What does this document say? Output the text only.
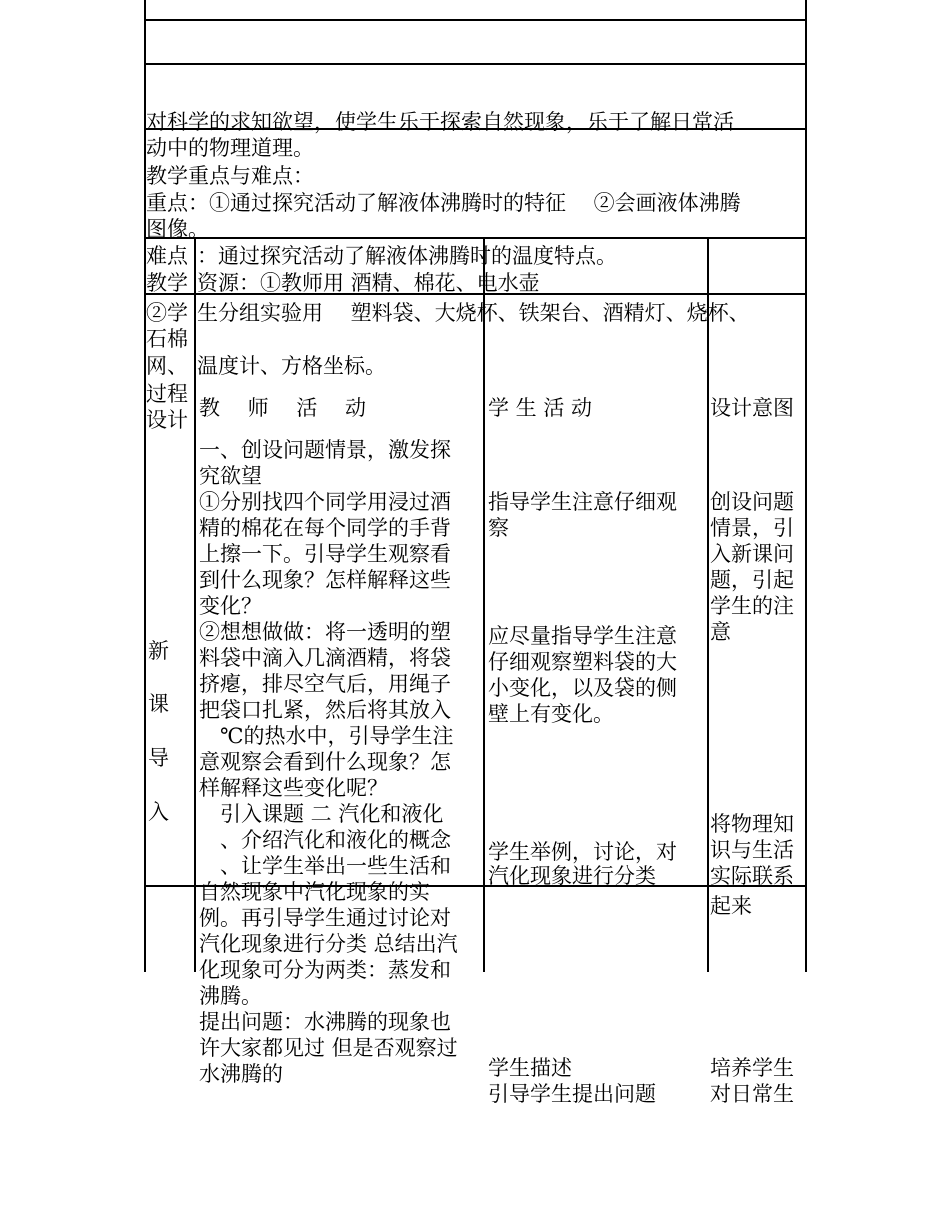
对科学的求知欲望，使学生乐于探索自然现象，乐于了解日常活
动中的物理道理。
教学重点与难点：
重点：①通过探究活动了解液体沸腾时的特征 　②会画液体沸腾
图像。
难点 ：通过探究活动了解液体沸腾时的温度特点。
教学 资源：①教师用 酒精、棉花、电水壶
②学 生分组实验用 　塑料袋、大烧杯、铁架台、酒精灯、烧杯、
石棉
网、 温度计、方格坐标。
过程
设计 教 　师 　活 　动	学 生 活 动	设计意图
新
课
导
入
一、创设问题情景，激发探
究欲望
①分别找四个同学用浸过酒
精的棉花在每个同学的手背
上擦一下。引导学生观察看
到什么现象？怎样解释这些
变化？
②想想做做：将一透明的塑
料袋中滴入几滴酒精，将袋
挤瘪，排尽空气后，用绳子
把袋口扎紧，然后将其放入
　℃的热水中，引导学生注
意观察会看到什么现象？怎
样解释这些变化呢？
　引入课题 二 汽化和液化
　、介绍汽化和液化的概念
　、让学生举出一些生活和
自然现象中汽化现象的实
例。再引导学生通过讨论对
汽化现象进行分类 总结出汽
化现象可分为两类：蒸发和
沸腾。
提出问题：水沸腾的现象也
许大家都见过 但是否观察过
水沸腾的
指导学生注意仔细观
察
应尽量指导学生注意
仔细观察塑料袋的大
小变化，以及袋的侧
壁上有变化。
学生举例，讨论，对
汽化现象进行分类
学生描述
引导学生提出问题
创设问题
情景，引
入新课问
题，引起
学生的注
意
将物理知
识与生活
实际联系
起来
培养学生
对日常生
